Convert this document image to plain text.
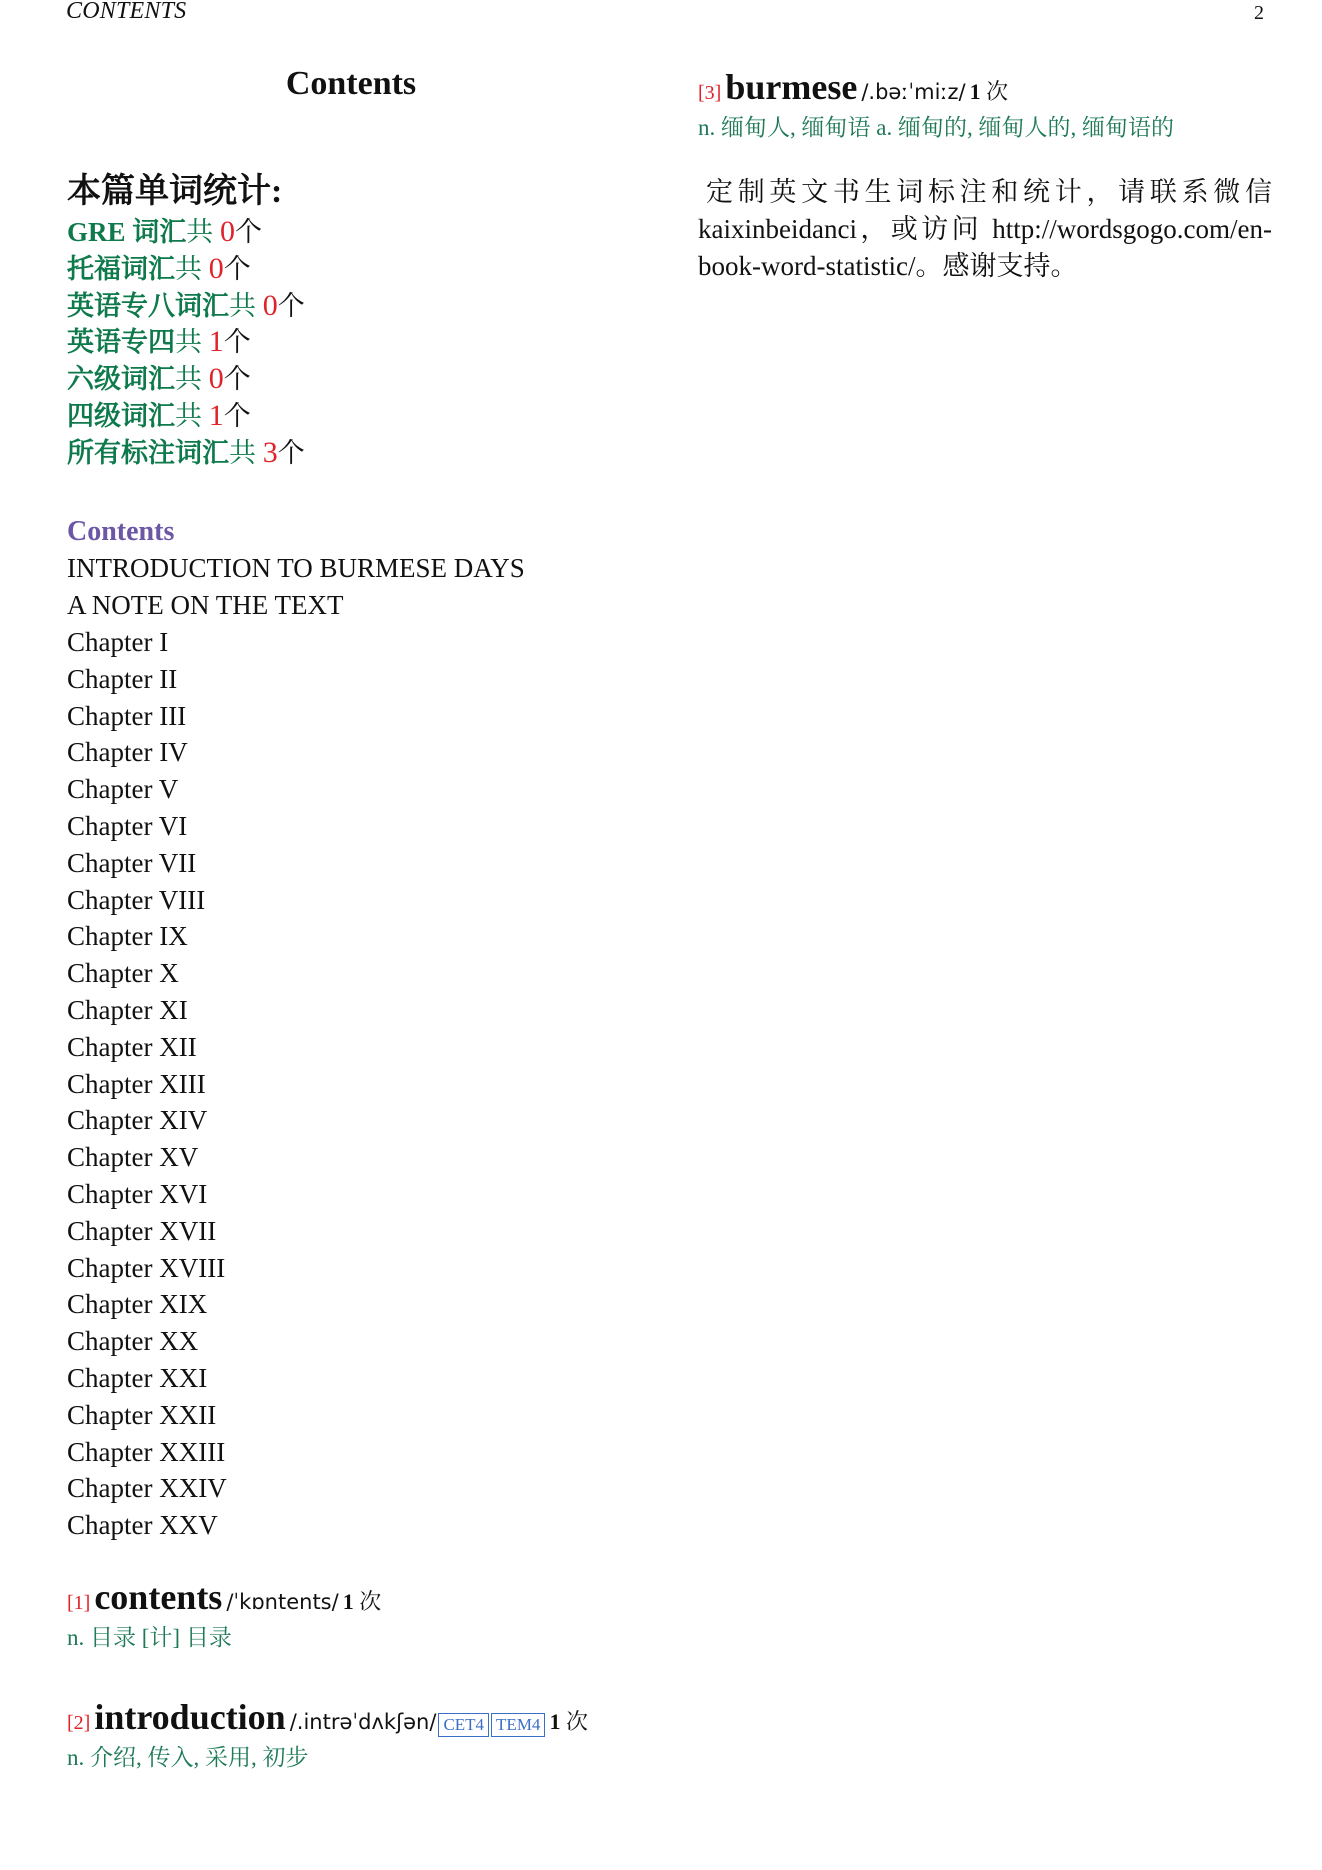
CONTENTS	2
Contents
本篇单词统计:
GRE 词汇共 0个
托福词汇共 0个
英语专八词汇共 0个
英语专四共 1个
六级词汇共 0个
四级词汇共 1个
所有标注词汇共 3个
Contents
INTRODUCTION TO BURMESE DAYS
A NOTE ON THE TEXT
Chapter I
Chapter II
Chapter III
Chapter IV
Chapter V
Chapter VI
Chapter VII
Chapter VIII
Chapter IX
Chapter X
Chapter XI
Chapter XII
Chapter XIII
Chapter XIV
Chapter XV
Chapter XVI
Chapter XVII
Chapter XVIII
Chapter XIX
Chapter XX
Chapter XXI
Chapter XXII
Chapter XXIII
Chapter XXIV
Chapter XXV
[1] contents /ˈkɒntents/ 1 次
n. 目录 [计] 目录
[2] introduction /.intrəˈdʌkʃən/ CET4 TEM4 1 次
n. 介绍, 传入, 采用, 初步
[3] burmese /.bəːˈmiːz/ 1 次
n. 缅甸人, 缅甸语 a. 缅甸的, 缅甸人的, 缅甸语的

定制英文书生词标注和统计，请联系微信 kaixinbeidanci，或访问 http://wordsgogo.com/en-book-word-statistic/。感谢支持。
